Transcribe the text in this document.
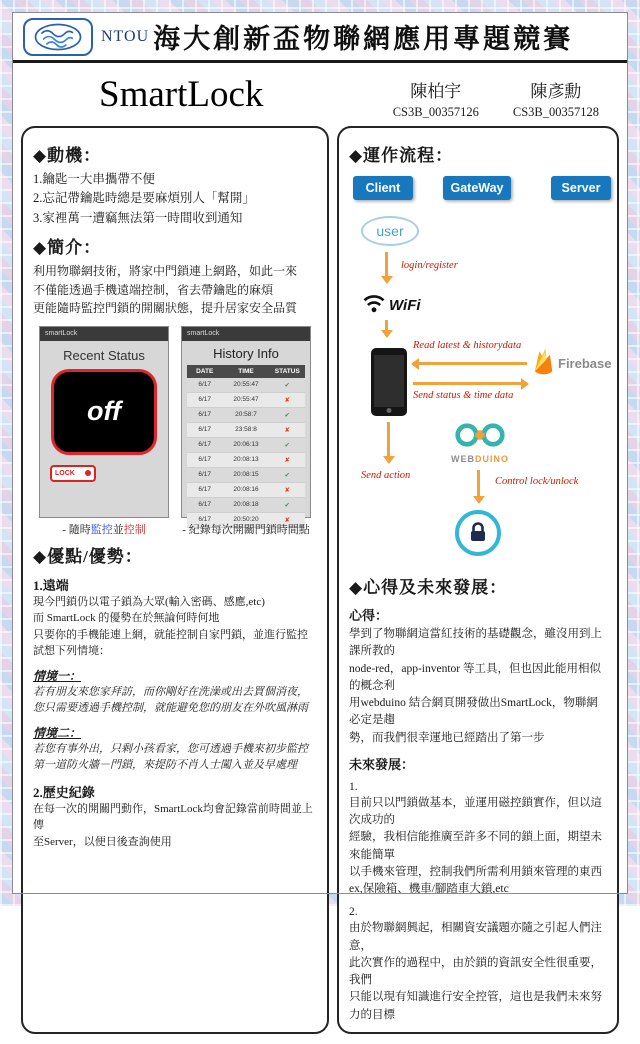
NTOU 海大創新盃物聯網應用專題競賽
SmartLock	陳柏宇
CS3B_00357126
陳彥勳
CS3B_00357128
◆動機：
1.鑰匙一大串攜帶不便
2.忘記帶鑰匙時總是要麻煩別人「幫開」
3.家裡萬一遭竊無法第一時間收到通知
◆簡介：
利用物聯網技術，將家中門鎖連上網路，如此一來
不僅能透過手機遠端控制，省去帶鑰匙的麻煩
更能隨時監控門鎖的開關狀態，提升居家安全品質
smartLock
Recent Status
off
LOCK
smartLock
History Info
DATE	TIME	STATUS
6/17	20:55:47	✔
6/17	20:55:47	✘
6/17	20:58:7	✔
6/17	23:58:8	✘
6/17	20:06:13	✔
6/17	20:08:13	✘
6/17	20:08:15	✔
6/17	20:08:16	✘
6/17	20:08:18	✔
6/17	20:50:20	✘
- 隨時監控並控制	- 紀錄每次開關門鎖時間點
◆優點/優勢：
1.遠端
現今門鎖仍以電子鎖為大眾(輸入密碼、感應,etc)
而 SmartLock 的優勢在於無論何時何地
只要你的手機能連上網，就能控制自家門鎖，並進行監控
試想下列情境：
情境一：
若有朋友來您家拜訪，而你剛好在洗澡或出去買個消夜，
您只需要透過手機控制，就能避免您的朋友在外吹風淋雨
情境二：
若您有事外出，只剩小孩看家，您可透過手機來初步監控
第一道防火牆－門鎖，來提防不肖人士闖入並及早處理
2.歷史紀錄
在每一次的開關門動作，SmartLock均會記錄當前時間並上傳
至Server，以便日後查詢使用
◆運作流程：
Client	GateWay	Server
user
login/register
WiFi
Read latest & historydata
Send status & time data
Firebase
Send action
WEBDUINO
Control lock/unlock
◆心得及未來發展：
心得：
學到了物聯網這當紅技術的基礎觀念，雖沒用到上課所教的
node-red，app-inventor 等工具，但也因此能用相似的概念利
用webduino 結合網頁開發做出SmartLock，物聯網必定是趨
勢，而我們很幸運地已經踏出了第一步
未來發展：
1.
目前只以門鎖做基本，並運用磁控鎖實作，但以這次成功的
經驗，我相信能推廣至許多不同的鎖上面，期望未來能簡單
以手機來管理，控制我們所需利用鎖來管理的東西
ex,保險箱、機車/腳踏車大鎖,etc
2.
由於物聯網興起，相關資安議題亦隨之引起人們注意，
此次實作的過程中，由於鎖的資訊安全性很重要，我們
只能以現有知識進行安全控管，這也是我們未來努力的目標
